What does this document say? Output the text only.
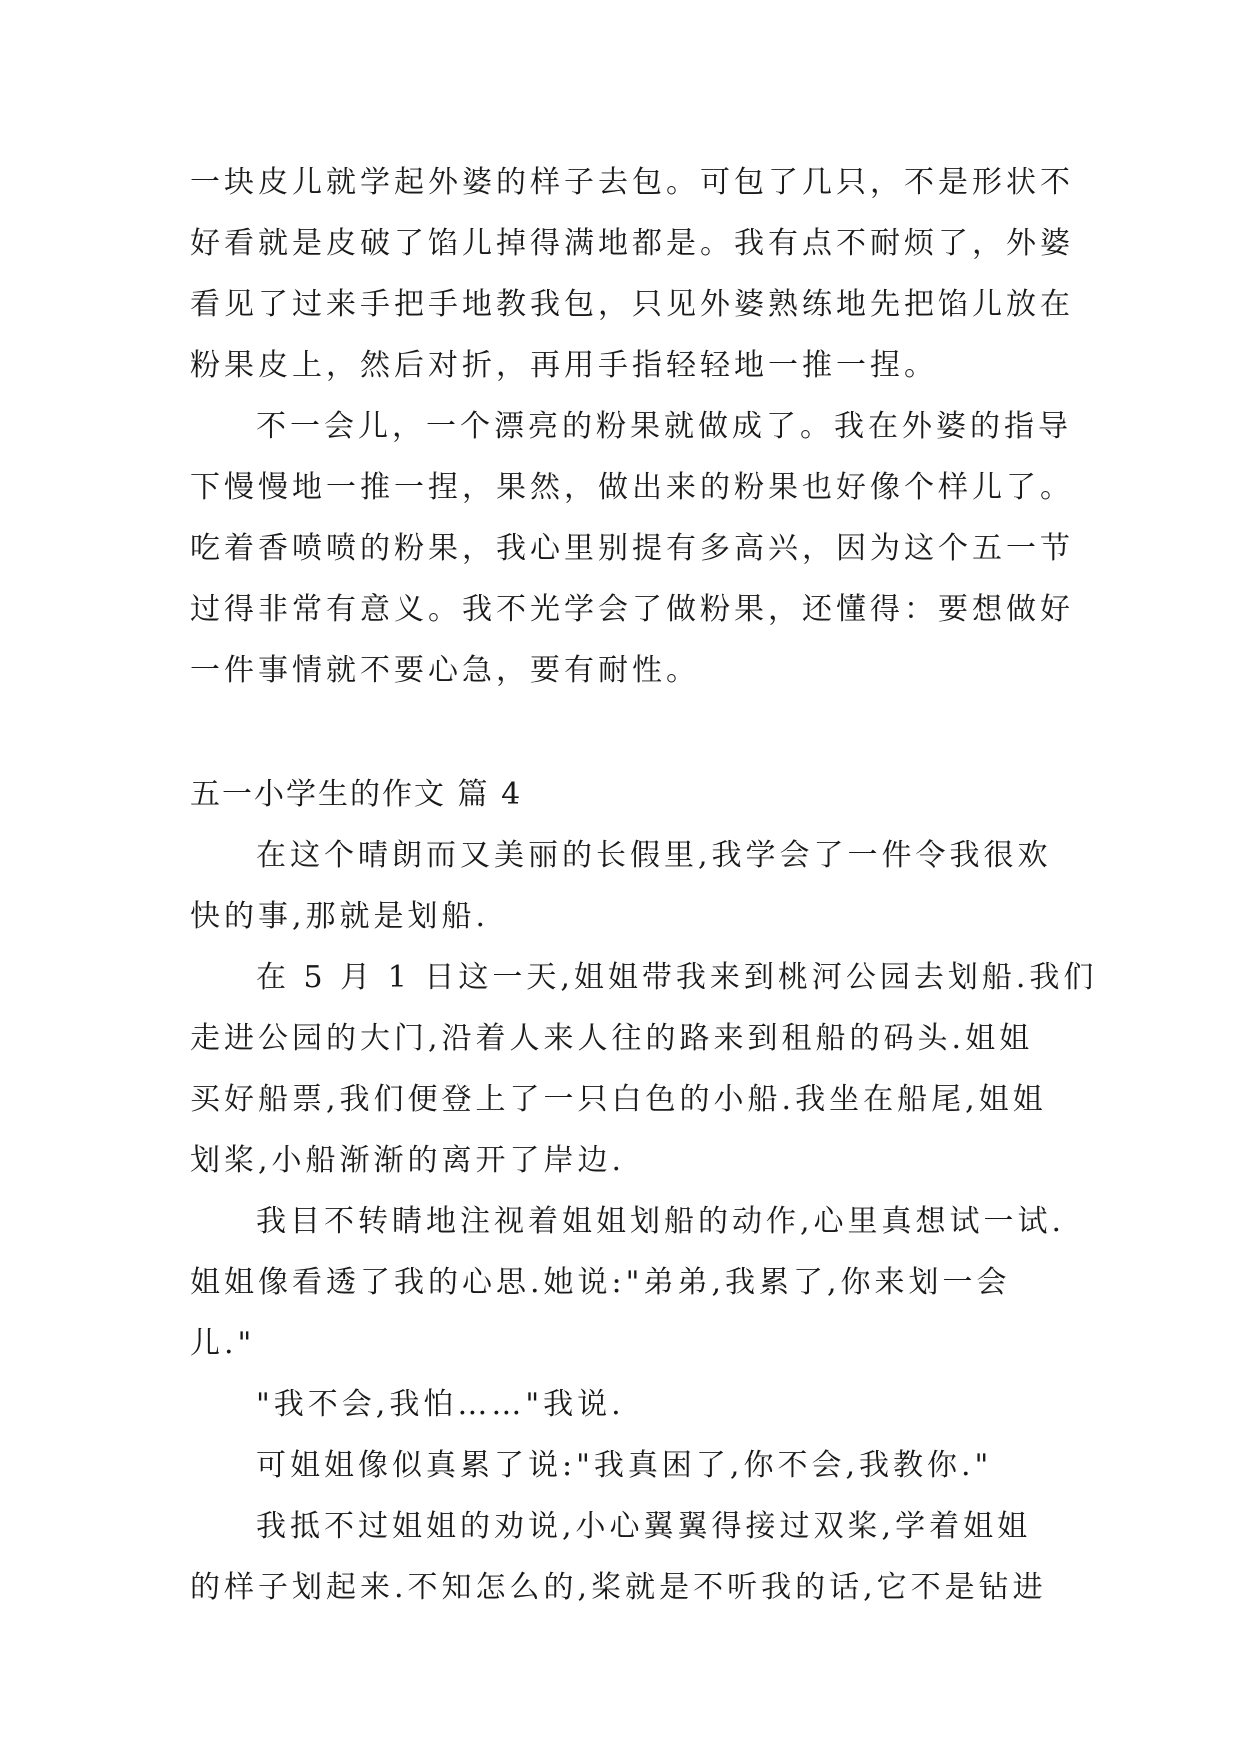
一块皮儿就学起外婆的样子去包。可包了几只，不是形状不
好看就是皮破了馅儿掉得满地都是。我有点不耐烦了，外婆
看见了过来手把手地教我包，只见外婆熟练地先把馅儿放在
粉果皮上，然后对折，再用手指轻轻地一推一捏。
不一会儿，一个漂亮的粉果就做成了。我在外婆的指导
下慢慢地一推一捏，果然，做出来的粉果也好像个样儿了。
吃着香喷喷的粉果，我心里别提有多高兴，因为这个五一节
过得非常有意义。我不光学会了做粉果，还懂得：要想做好
一件事情就不要心急，要有耐性。
五一小学生的作文 篇 4
在这个晴朗而又美丽的长假里,我学会了一件令我很欢
快的事,那就是划船.
在 5 月 1 日这一天,姐姐带我来到桃河公园去划船.我们
走进公园的大门,沿着人来人往的路来到租船的码头.姐姐
买好船票,我们便登上了一只白色的小船.我坐在船尾,姐姐
划桨,小船渐渐的离开了岸边.
我目不转睛地注视着姐姐划船的动作,心里真想试一试.
姐姐像看透了我的心思.她说:"弟弟,我累了,你来划一会
儿."
"我不会,我怕……"我说.
可姐姐像似真累了说:"我真困了,你不会,我教你."
我抵不过姐姐的劝说,小心翼翼得接过双桨,学着姐姐
的样子划起来.不知怎么的,桨就是不听我的话,它不是钻进
